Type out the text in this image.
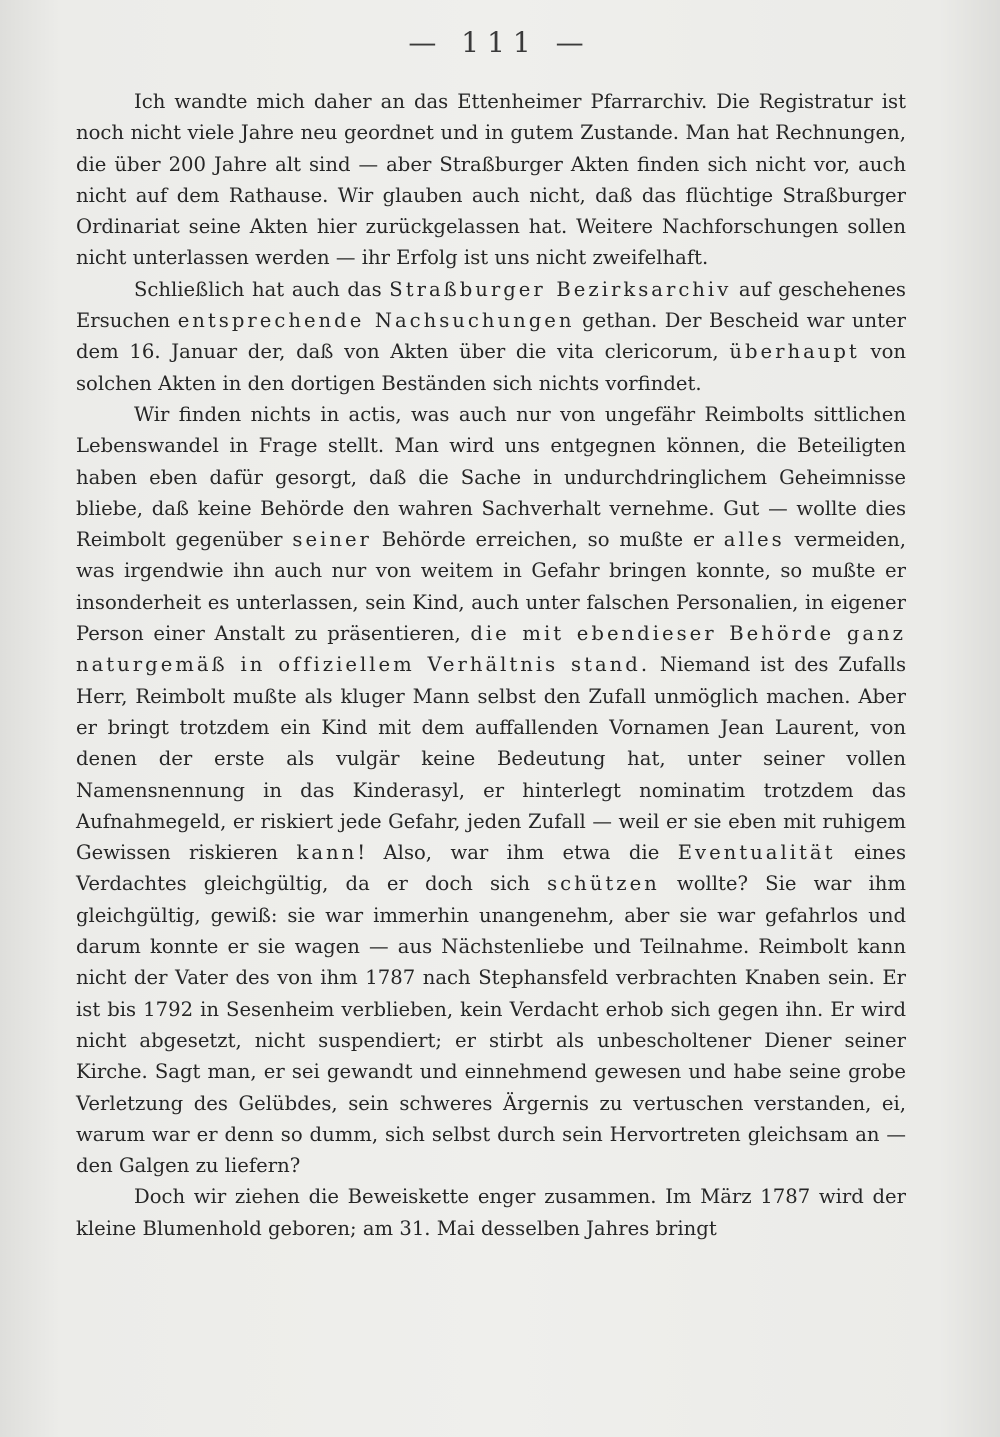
— 111 —

Ich wandte mich daher an das Ettenheimer Pfarrarchiv. Die Registratur ist noch nicht viele Jahre neu geordnet und in gutem Zustande. Man hat Rechnungen, die über 200 Jahre alt sind — aber Straßburger Akten finden sich nicht vor, auch nicht auf dem Rathause. Wir glauben auch nicht, daß das flüchtige Straßburger Ordinariat seine Akten hier zurückgelassen hat. Weitere Nachforschungen sollen nicht unterlassen werden — ihr Erfolg ist uns nicht zweifelhaft.

Schließlich hat auch das Straßburger Bezirksarchiv auf geschehenes Ersuchen entsprechende Nachsuchungen gethan. Der Bescheid war unter dem 16. Januar der, daß von Akten über die vita clericorum, überhaupt von solchen Akten in den dortigen Beständen sich nichts vorfindet.

Wir finden nichts in actis, was auch nur von ungefähr Reimbolts sittlichen Lebenswandel in Frage stellt. Man wird uns entgegnen können, die Beteiligten haben eben dafür gesorgt, daß die Sache in undurchdringlichem Geheimnisse bliebe, daß keine Behörde den wahren Sachverhalt vernehme. Gut — wollte dies Reimbolt gegenüber seiner Behörde erreichen, so mußte er alles vermeiden, was irgendwie ihn auch nur von weitem in Gefahr bringen konnte, so mußte er insonderheit es unterlassen, sein Kind, auch unter falschen Personalien, in eigener Person einer Anstalt zu präsentieren, die mit ebendieser Behörde ganz naturgemäß in offiziellem Verhältnis stand. Niemand ist des Zufalls Herr, Reimbolt mußte als kluger Mann selbst den Zufall unmöglich machen. Aber er bringt trotzdem ein Kind mit dem auffallenden Vornamen Jean Laurent, von denen der erste als vulgär keine Bedeutung hat, unter seiner vollen Namensnennung in das Kinderasyl, er hinterlegt nominatim trotzdem das Aufnahmegeld, er riskiert jede Gefahr, jeden Zufall — weil er sie eben mit ruhigem Gewissen riskieren kann! Also, war ihm etwa die Eventualität eines Verdachtes gleichgültig, da er doch sich schützen wollte? Sie war ihm gleichgültig, gewiß: sie war immerhin unangenehm, aber sie war gefahrlos und darum konnte er sie wagen — aus Nächstenliebe und Teilnahme. Reimbolt kann nicht der Vater des von ihm 1787 nach Stephansfeld verbrachten Knaben sein. Er ist bis 1792 in Sesenheim verblieben, kein Verdacht erhob sich gegen ihn. Er wird nicht abgesetzt, nicht suspendiert; er stirbt als unbescholtener Diener seiner Kirche. Sagt man, er sei gewandt und einnehmend gewesen und habe seine grobe Verletzung des Gelübdes, sein schweres Ärgernis zu vertuschen verstanden, ei, warum war er denn so dumm, sich selbst durch sein Hervortreten gleichsam an — den Galgen zu liefern?

Doch wir ziehen die Beweiskette enger zusammen. Im März 1787 wird der kleine Blumenhold geboren; am 31. Mai desselben Jahres bringt
